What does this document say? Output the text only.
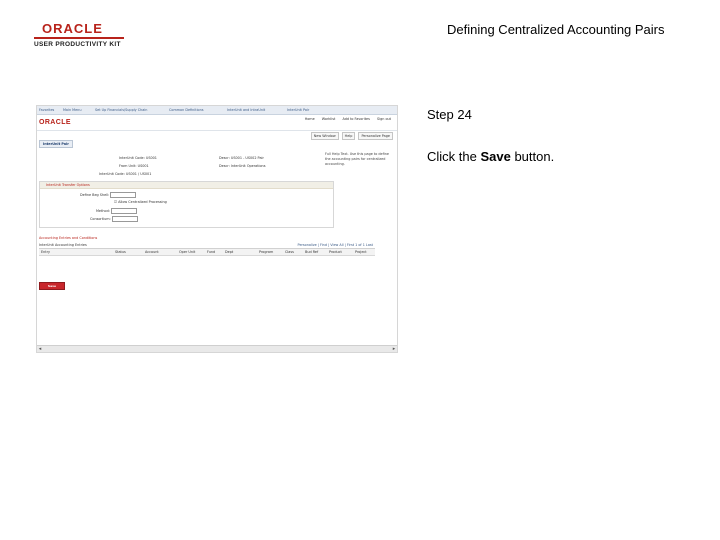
ORACLE
USER PRODUCTIVITY KIT
Defining Centralized Accounting Pairs
Step 24
Click the Save button.
Favorites	Main Menu	Set Up Financials/Supply Chain	Common Definitions	InterUnit and IntraUnit	InterUnit Pair
ORACLE	Home Worklist Add to Favorites Sign out
New Window	Help	Personalize Page
InterUnit Pair
InterUnit Code: US001
From Unit: US001
InterUnit Code: US001 / US001
Descr: US001 - US002 Pair
Descr: InterUnit Operations
Full Help Text. Use this page to define the accounting pairs for centralized accounting.
InterUnit Transfer Options
Define Beg Shell:
☑ Allow Centralized Processing
Method:
Consortium:
InterUnit Accounting Entries	Personalize | Find | View All | First 1 of 1 Last
Accounting Entries and Conditions
Entry	Status	Account	Oper Unit	Fund	Dept	Program	Class	Bud Ref	Product	Project
Save
◂	▸
